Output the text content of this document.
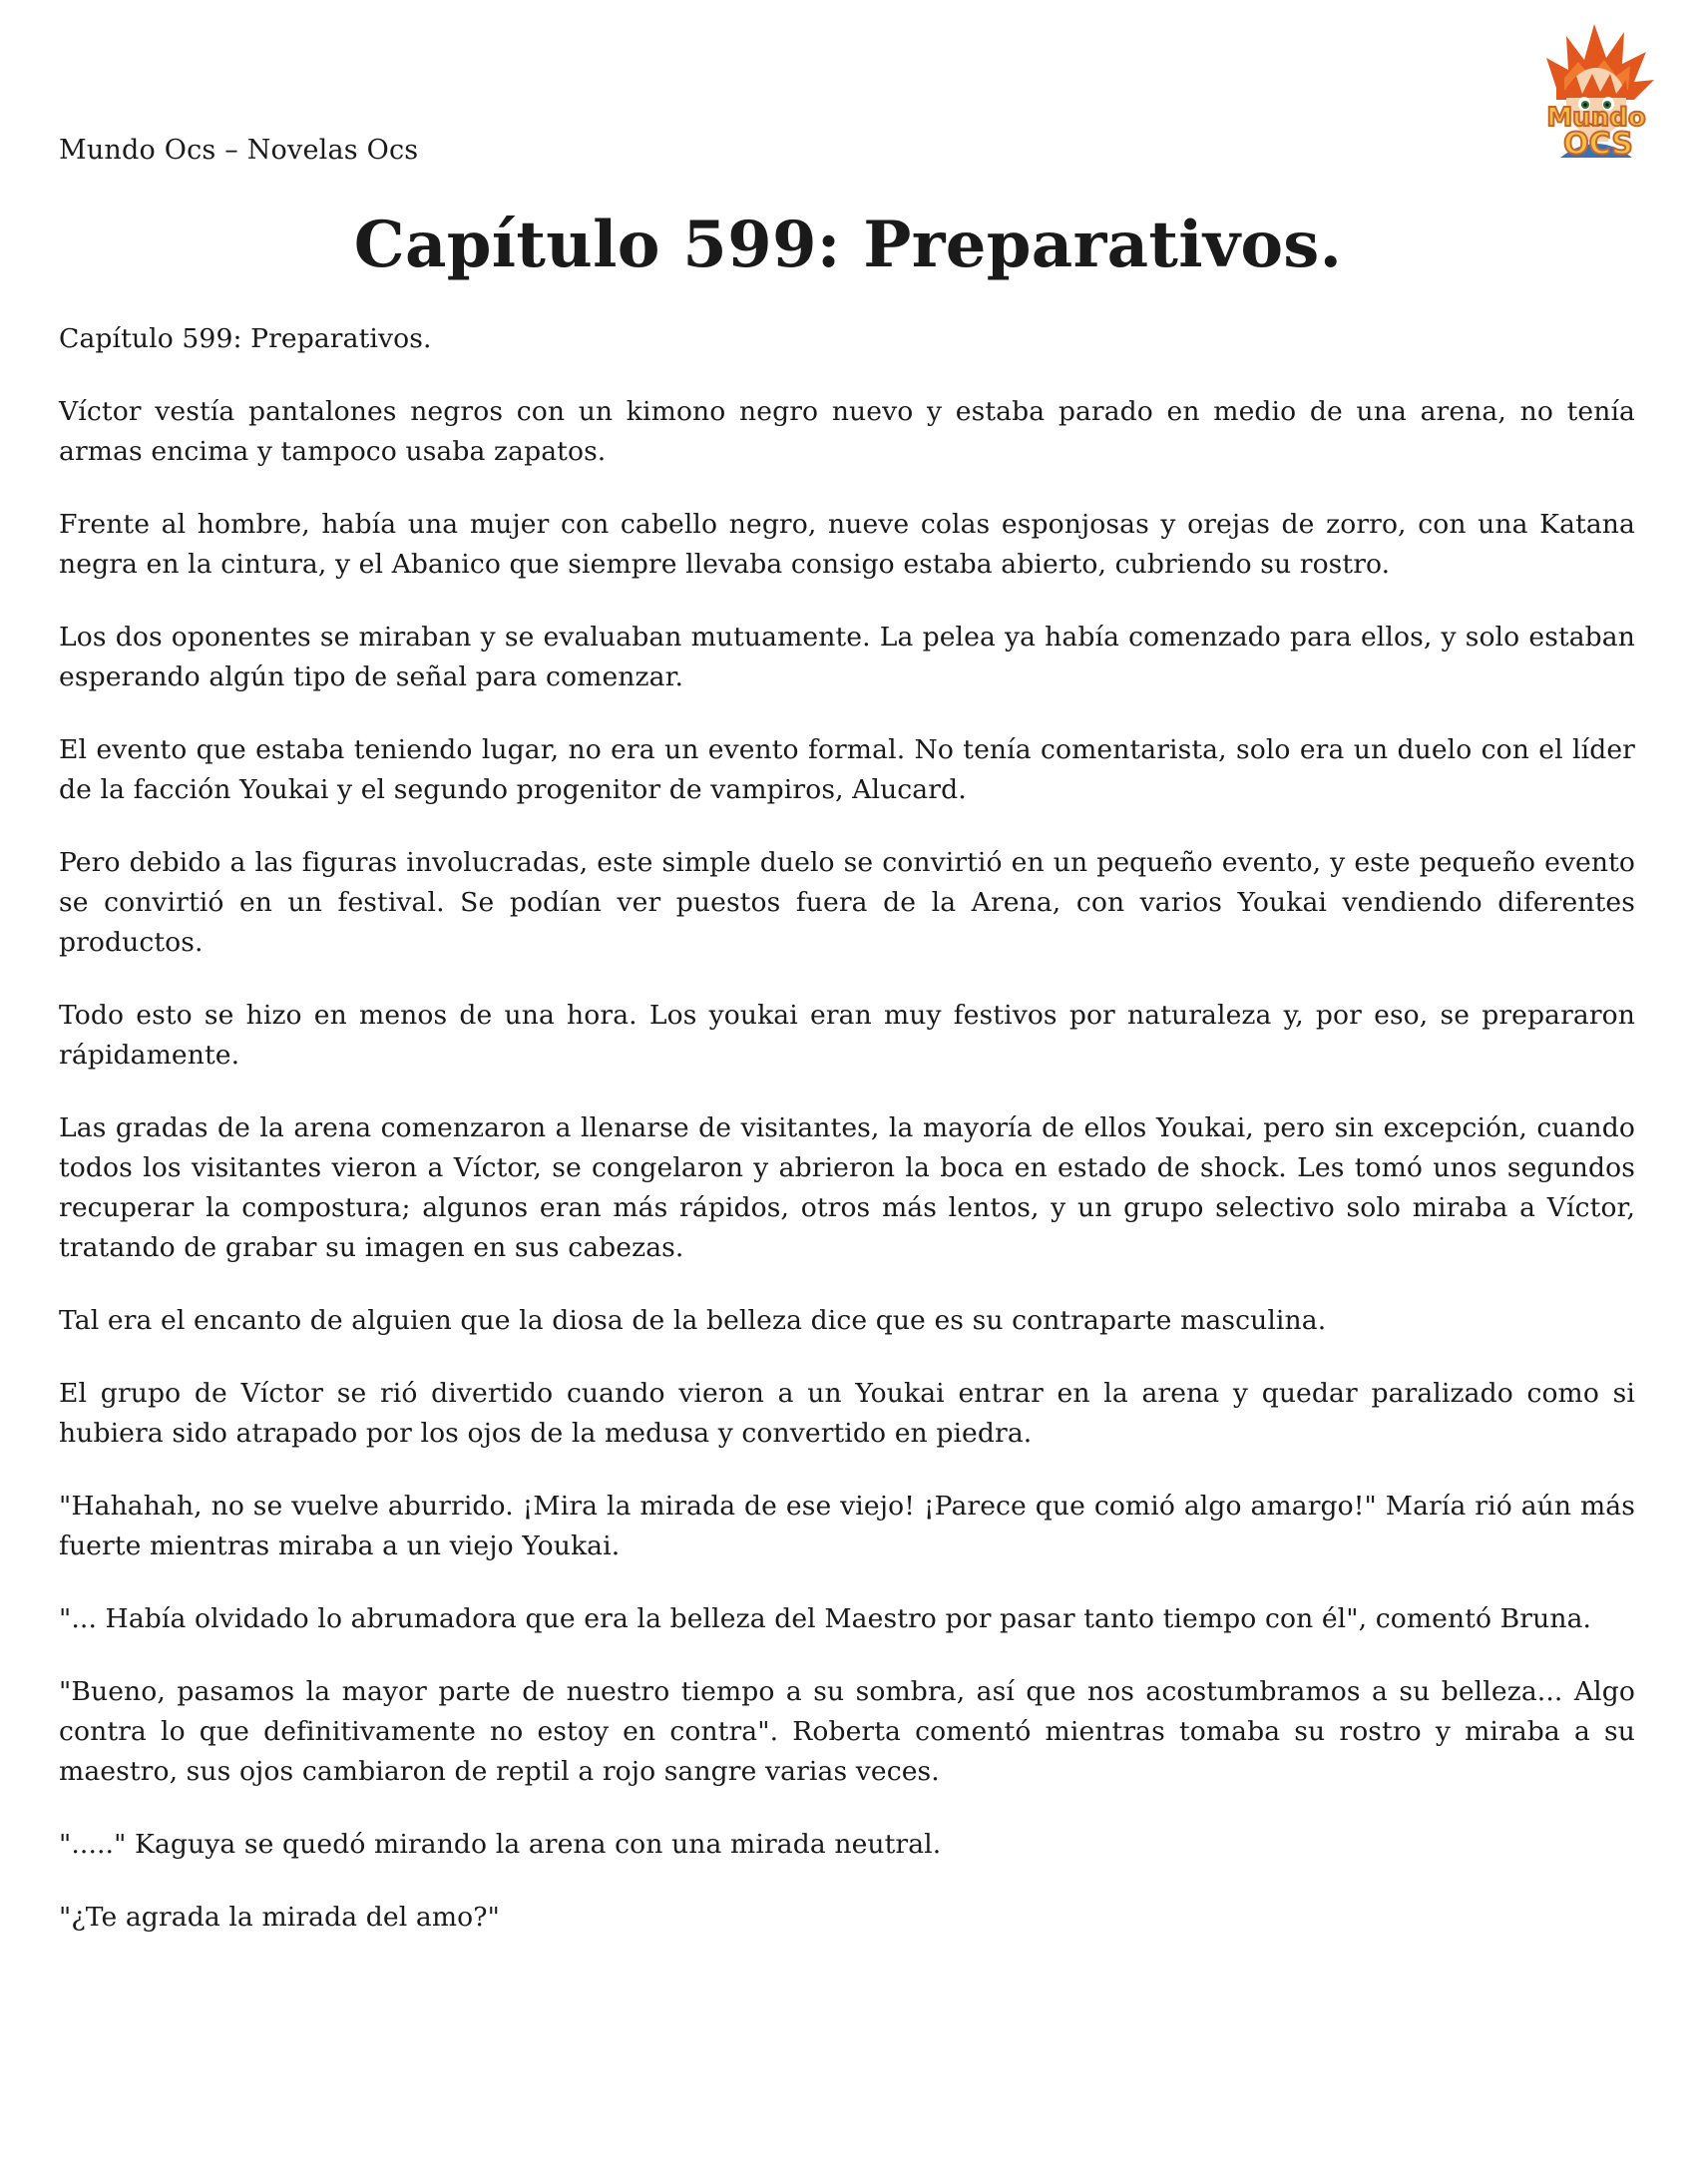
Mundo Ocs – Novelas Ocs
Mundo
OCS
Capítulo 599: Preparativos.

Capítulo 599: Preparativos.

Víctor vestía pantalones negros con un kimono negro nuevo y estaba parado en medio de una arena, no tenía armas encima y tampoco usaba zapatos.

Frente al hombre, había una mujer con cabello negro, nueve colas esponjosas y orejas de zorro, con una Katana negra en la cintura, y el Abanico que siempre llevaba consigo estaba abierto, cubriendo su rostro.

Los dos oponentes se miraban y se evaluaban mutuamente. La pelea ya había comenzado para ellos, y solo estaban esperando algún tipo de señal para comenzar.

El evento que estaba teniendo lugar, no era un evento formal. No tenía comentarista, solo era un duelo con el líder de la facción Youkai y el segundo progenitor de vampiros, Alucard.

Pero debido a las figuras involucradas, este simple duelo se convirtió en un pequeño evento, y este pequeño evento se convirtió en un festival. Se podían ver puestos fuera de la Arena, con varios Youkai vendiendo diferentes productos.

Todo esto se hizo en menos de una hora. Los youkai eran muy festivos por naturaleza y, por eso, se prepararon rápidamente.

Las gradas de la arena comenzaron a llenarse de visitantes, la mayoría de ellos Youkai, pero sin excepción, cuando todos los visitantes vieron a Víctor, se congelaron y abrieron la boca en estado de shock. Les tomó unos segundos recuperar la compostura; algunos eran más rápidos, otros más lentos, y un grupo selectivo solo miraba a Víctor, tratando de grabar su imagen en sus cabezas.

Tal era el encanto de alguien que la diosa de la belleza dice que es su contraparte masculina.

El grupo de Víctor se rió divertido cuando vieron a un Youkai entrar en la arena y quedar paralizado como si hubiera sido atrapado por los ojos de la medusa y convertido en piedra.

"Hahahah, no se vuelve aburrido. ¡Mira la mirada de ese viejo! ¡Parece que comió algo amargo!" María rió aún más fuerte mientras miraba a un viejo Youkai.

"... Había olvidado lo abrumadora que era la belleza del Maestro por pasar tanto tiempo con él", comentó Bruna.

"Bueno, pasamos la mayor parte de nuestro tiempo a su sombra, así que nos acostumbramos a su belleza... Algo contra lo que definitivamente no estoy en contra". Roberta comentó mientras tomaba su rostro y miraba a su maestro, sus ojos cambiaron de reptil a rojo sangre varias veces.

"....." Kaguya se quedó mirando la arena con una mirada neutral.

"¿Te agrada la mirada del amo?"
